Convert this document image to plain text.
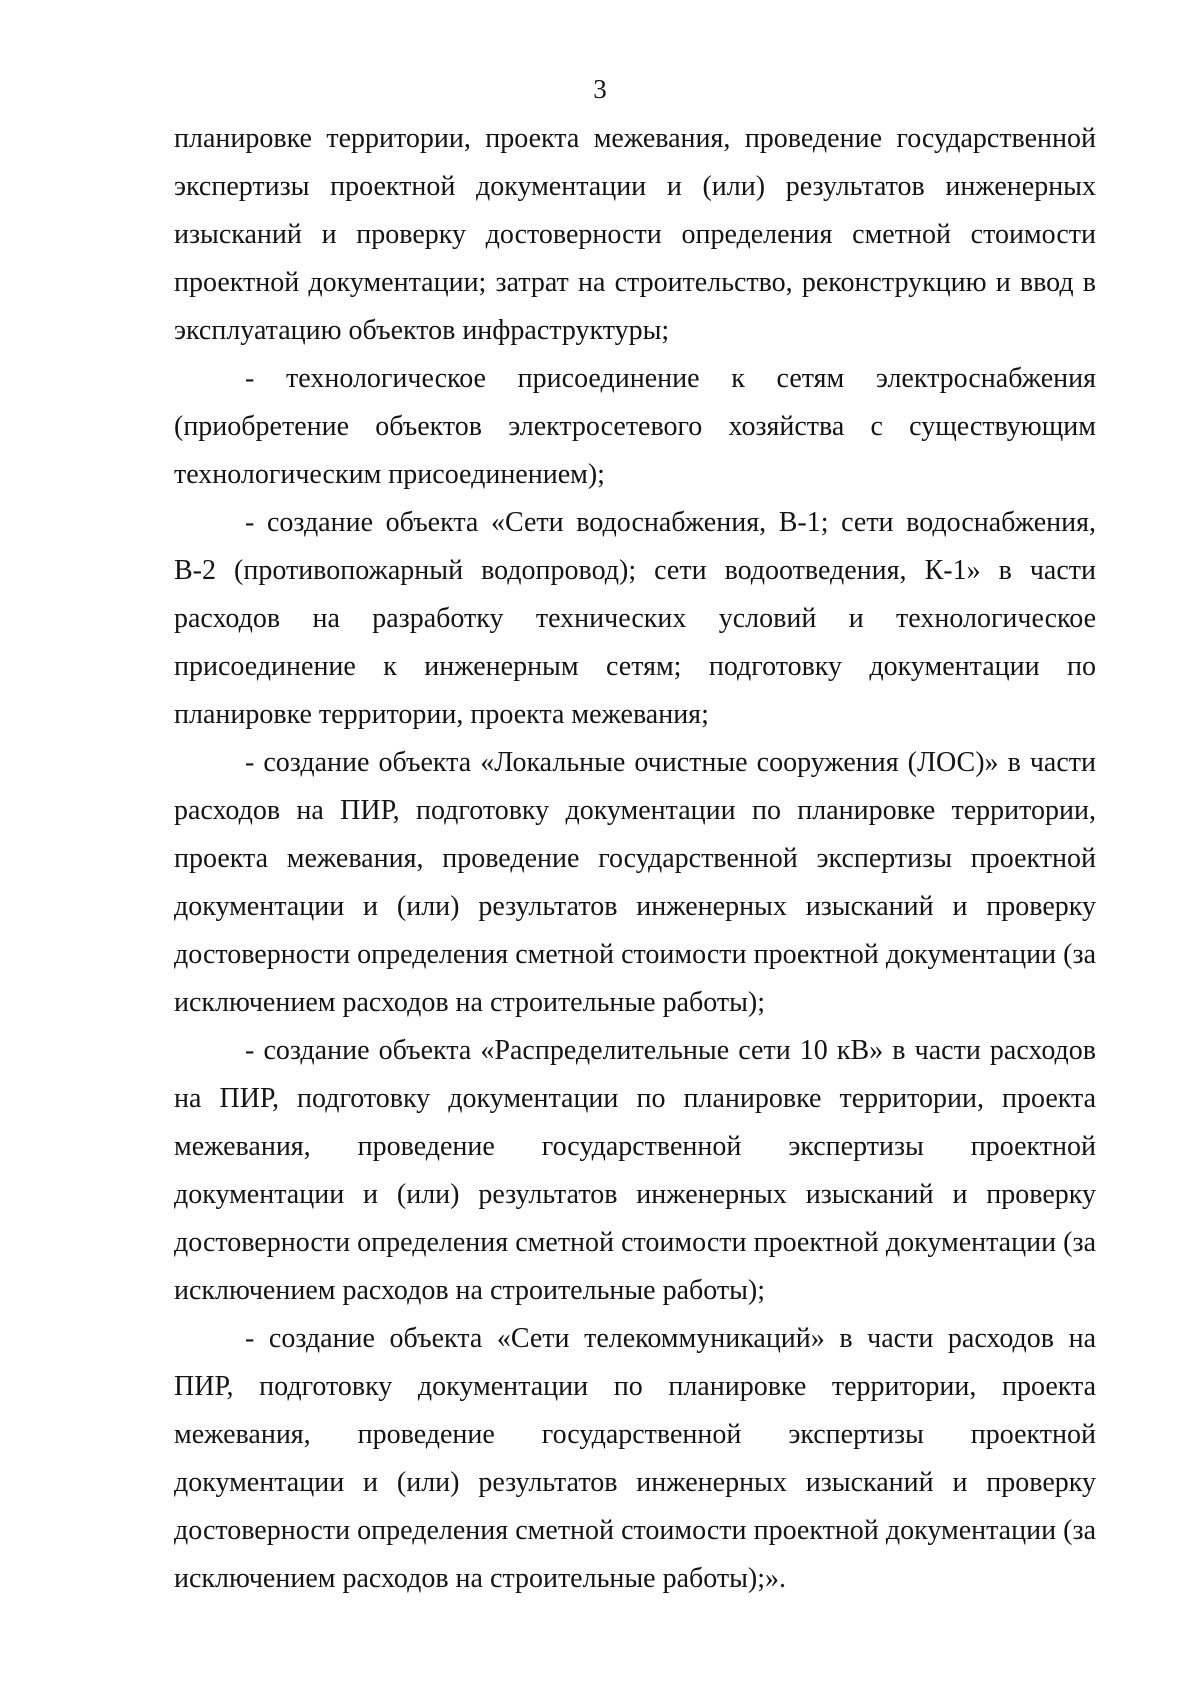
3

планировке территории, проекта межевания, проведение государственной экспертизы проектной документации и (или) результатов инженерных изысканий и проверку достоверности определения сметной стоимости проектной документации; затрат на строительство, реконструкцию и ввод в эксплуатацию объектов инфраструктуры;

- технологическое присоединение к сетям электроснабжения (приобретение объектов электросетевого хозяйства с существующим технологическим присоединением);

- создание объекта «Сети водоснабжения, В-1; сети водоснабжения, В-2 (противопожарный водопровод); сети водоотведения, К-1» в части расходов на разработку технических условий и технологическое присоединение к инженерным сетям; подготовку документации по планировке территории, проекта межевания;

- создание объекта «Локальные очистные сооружения (ЛОС)» в части расходов на ПИР, подготовку документации по планировке территории, проекта межевания, проведение государственной экспертизы проектной документации и (или) результатов инженерных изысканий и проверку достоверности определения сметной стоимости проектной документации (за исключением расходов на строительные работы);

- создание объекта «Распределительные сети 10 кВ» в части расходов на ПИР, подготовку документации по планировке территории, проекта межевания, проведение государственной экспертизы проектной документации и (или) результатов инженерных изысканий и проверку достоверности определения сметной стоимости проектной документации (за исключением расходов на строительные работы);

- создание объекта «Сети телекоммуникаций» в части расходов на ПИР, подготовку документации по планировке территории, проекта межевания, проведение государственной экспертизы проектной документации и (или) результатов инженерных изысканий и проверку достоверности определения сметной стоимости проектной документации (за исключением расходов на строительные работы);».
